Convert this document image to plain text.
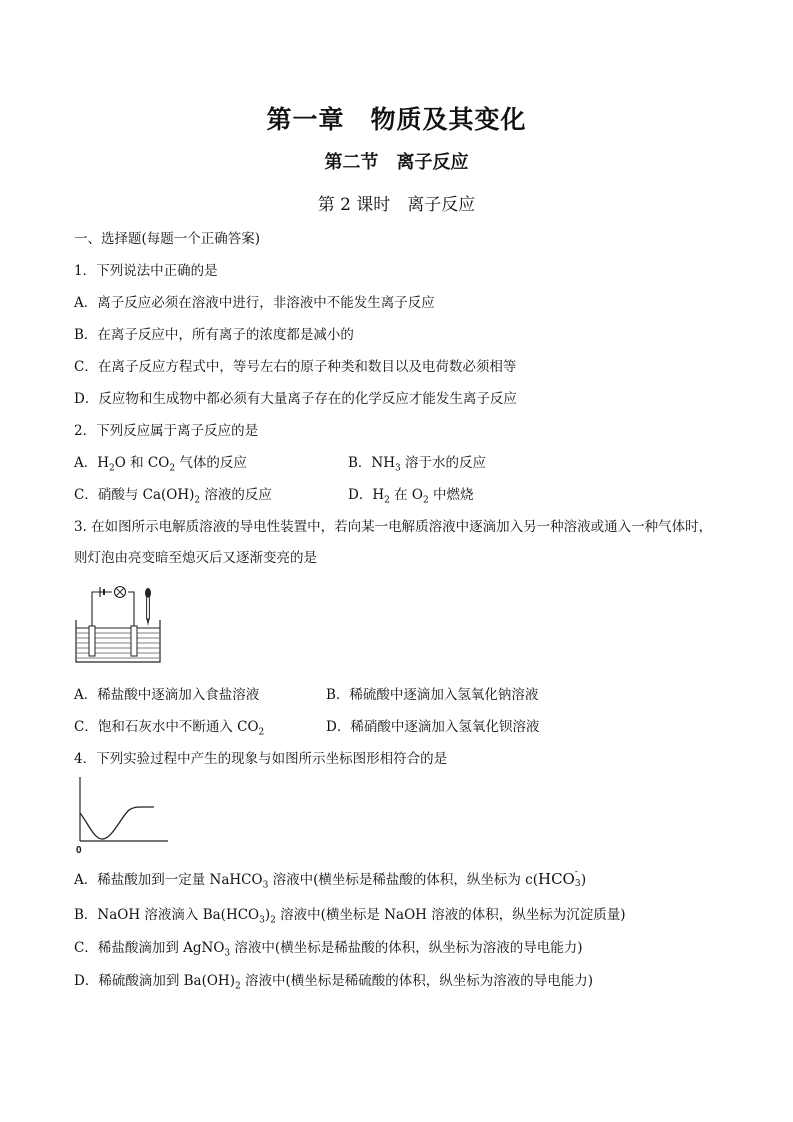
第一章　物质及其变化
第二节　离子反应
第 2 课时　离子反应
一、选择题(每题一个正确答案)
1．下列说法中正确的是
A．离子反应必须在溶液中进行，非溶液中不能发生离子反应
B．在离子反应中，所有离子的浓度都是减小的
C．在离子反应方程式中，等号左右的原子种类和数目以及电荷数必须相等
D．反应物和生成物中都必须有大量离子存在的化学反应才能发生离子反应
2．下列反应属于离子反应的是
A．$H_2O$ 和 $CO_2$ 气体的反应	B．$NH_3$ 溶于水的反应
C．硝酸与 $Ca(OH)_2$ 溶液的反应	D．$H_2$ 在 $O_2$ 中燃烧
3. 在如图所示电解质溶液的导电性装置中，若向某一电解质溶液中逐滴加入另一种溶液或通入一种气体时，
则灯泡由亮变暗至熄灭后又逐渐变亮的是
A．稀盐酸中逐滴加入食盐溶液	B．稀硫酸中逐滴加入氢氧化钠溶液
C．饱和石灰水中不断通入 $CO_2$	D．稀硝酸中逐滴加入氢氧化钡溶液
4．下列实验过程中产生的现象与如图所示坐标图形相符合的是
0
A．稀盐酸加到一定量 NaHCO$_3$ 溶液中(横坐标是稀盐酸的体积，纵坐标为 c(HCO -
3 )
B．NaOH 溶液滴入 $Ba(HCO_3)_2$ 溶液中(横坐标是 NaOH 溶液的体积，纵坐标为沉淀质量)
C．稀盐酸滴加到 AgNO$_3$ 溶液中(横坐标是稀盐酸的体积，纵坐标为溶液的导电能力)
D．稀硫酸滴加到 $Ba(OH)_2$ 溶液中(横坐标是稀硫酸的体积，纵坐标为溶液的导电能力)
